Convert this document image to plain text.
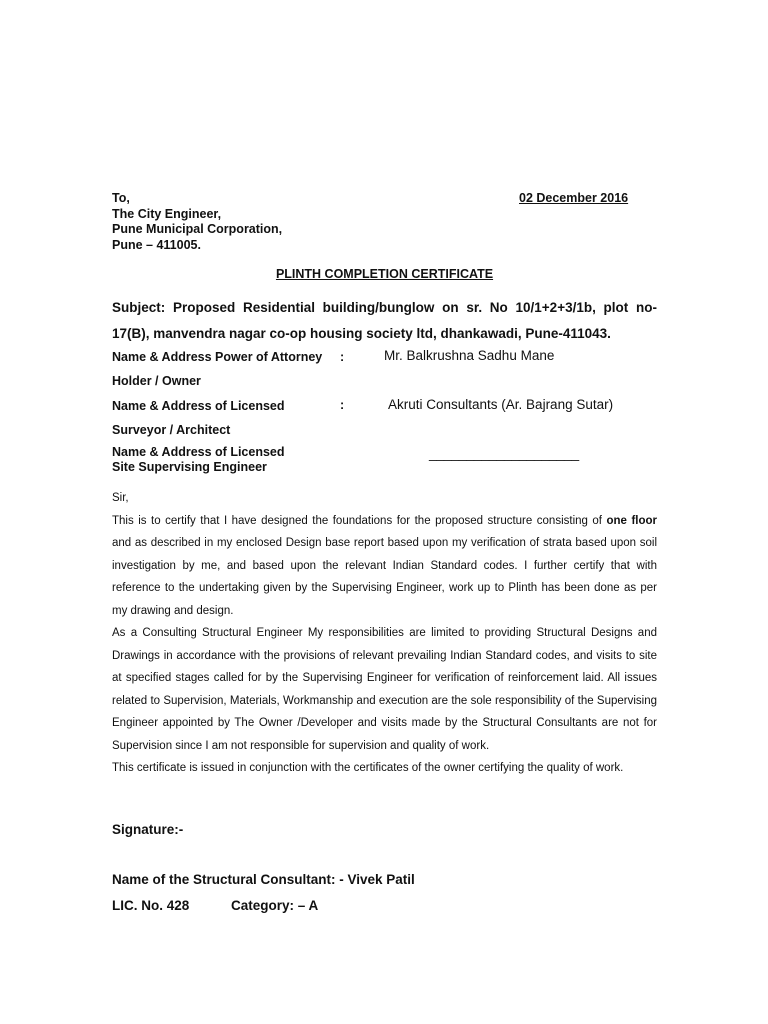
To,
The City Engineer,
Pune Municipal Corporation,
Pune – 411005.
02 December 2016
PLINTH COMPLETION CERTIFICATE
Subject: Proposed Residential building/bunglow on sr. No 10/1+2+3/1b, plot no-17(B), manvendra nagar co-op housing society ltd, dhankawadi, Pune-411043.
Name & Address Power of Attorney :	Mr. Balkrushna Sadhu Mane
Holder / Owner
Name & Address of Licensed	:	Akruti Consultants (Ar. Bajrang Sutar)
Surveyor / Architect
Name & Address of Licensed
Site Supervising Engineer
____________________

Sir,

This is to certify that I have designed the foundations for the proposed structure consisting of one floor and as described in my enclosed Design base report based upon my verification of strata based upon soil investigation by me, and based upon the relevant Indian Standard codes. I further certify that with reference to the undertaking given by the Supervising Engineer, work up to Plinth has been done as per my drawing and design.

As a Consulting Structural Engineer My responsibilities are limited to providing Structural Designs and Drawings in accordance with the provisions of relevant prevailing Indian Standard codes, and visits to site at specified stages called for by the Supervising Engineer for verification of reinforcement laid. All issues related to Supervision, Materials, Workmanship and execution are the sole responsibility of the Supervising Engineer appointed by The Owner /Developer and visits made by the Structural Consultants are not for Supervision since I am not responsible for supervision and quality of work.

This certificate is issued in conjunction with the certificates of the owner certifying the quality of work.

Signature:-
Name of the Structural Consultant: - Vivek Patil
LIC. No. 428	Category: – A
